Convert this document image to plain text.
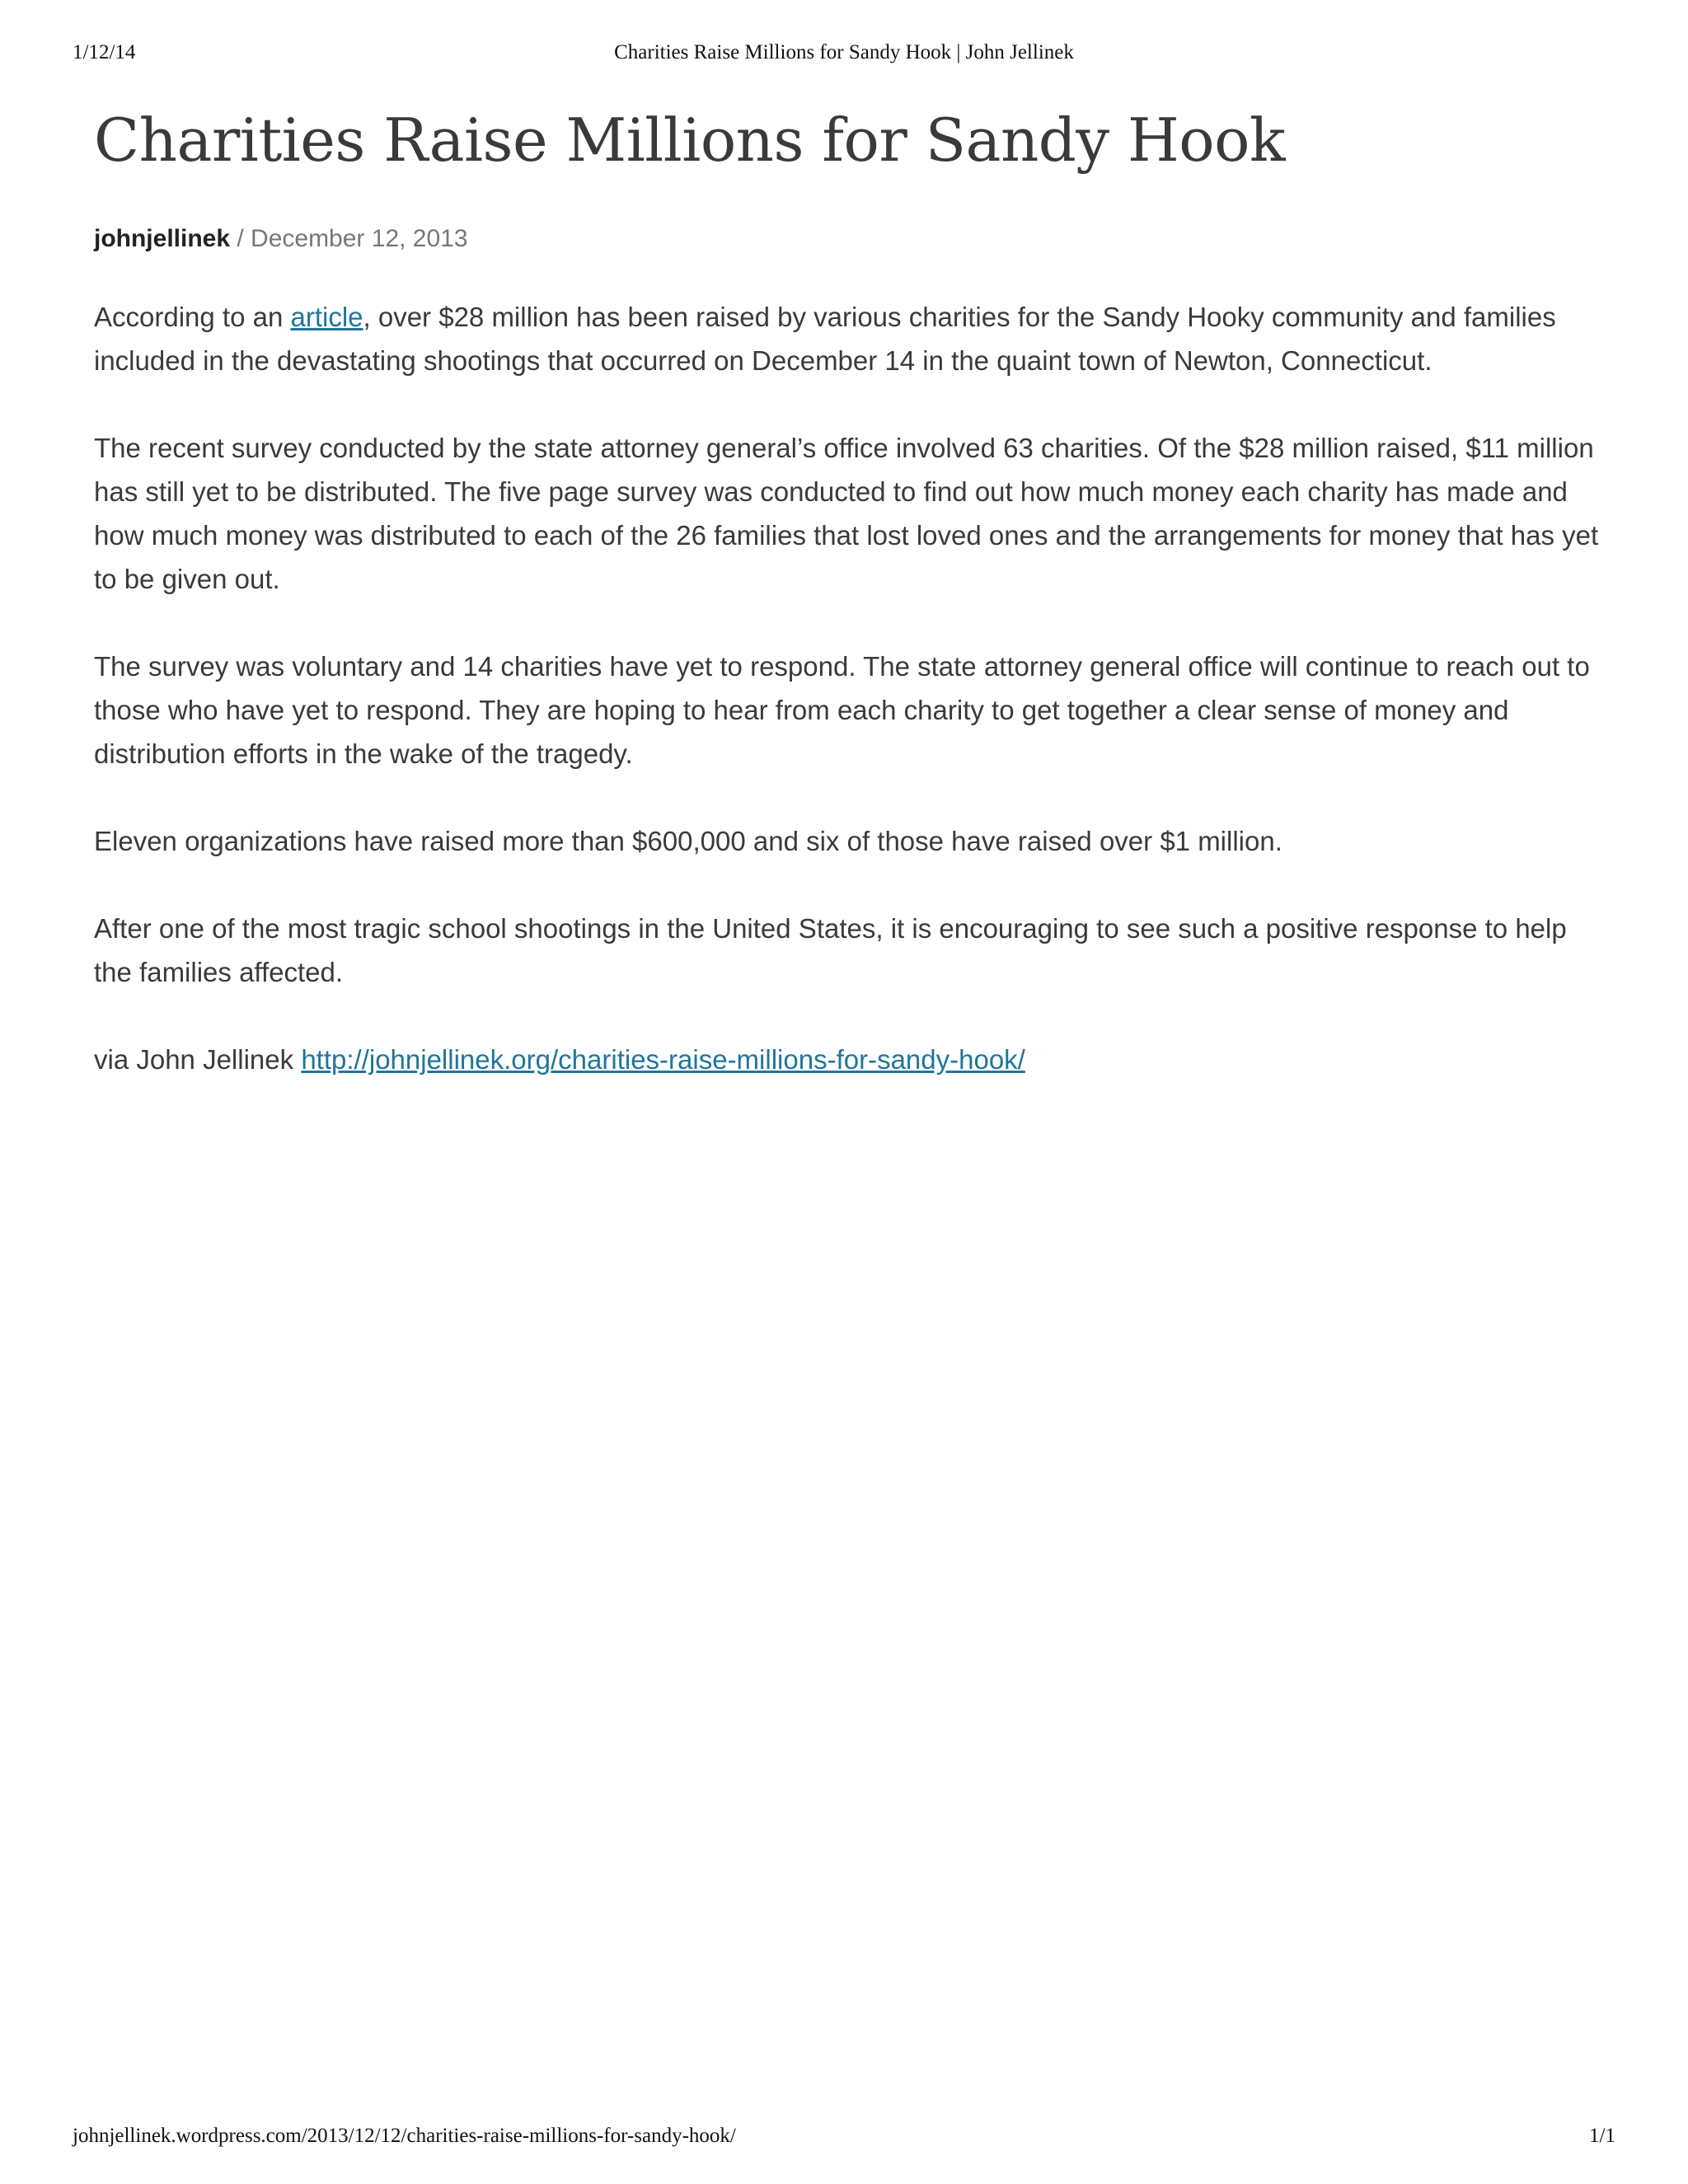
1/12/14	Charities Raise Millions for Sandy Hook | John Jellinek
Charities Raise Millions for Sandy Hook
johnjellinek / December 12, 2013

According to an article, over $28 million has been raised by various charities for the Sandy Hooky community and families included in the devastating shootings that occurred on December 14 in the quaint town of Newton, Connecticut.

The recent survey conducted by the state attorney general’s office involved 63 charities. Of the $28 million raised, $11 million has still yet to be distributed. The five page survey was conducted to find out how much money each charity has made and how much money was distributed to each of the 26 families that lost loved ones and the arrangements for money that has yet to be given out.

The survey was voluntary and 14 charities have yet to respond. The state attorney general office will continue to reach out to those who have yet to respond. They are hoping to hear from each charity to get together a clear sense of money and distribution efforts in the wake of the tragedy.

Eleven organizations have raised more than $600,000 and six of those have raised over $1 million.

After one of the most tragic school shootings in the United States, it is encouraging to see such a positive response to help the families affected.

via John Jellinek http://johnjellinek.org/charities-raise-millions-for-sandy-hook/

johnjellinek.wordpress.com/2013/12/12/charities-raise-millions-for-sandy-hook/	1/1
